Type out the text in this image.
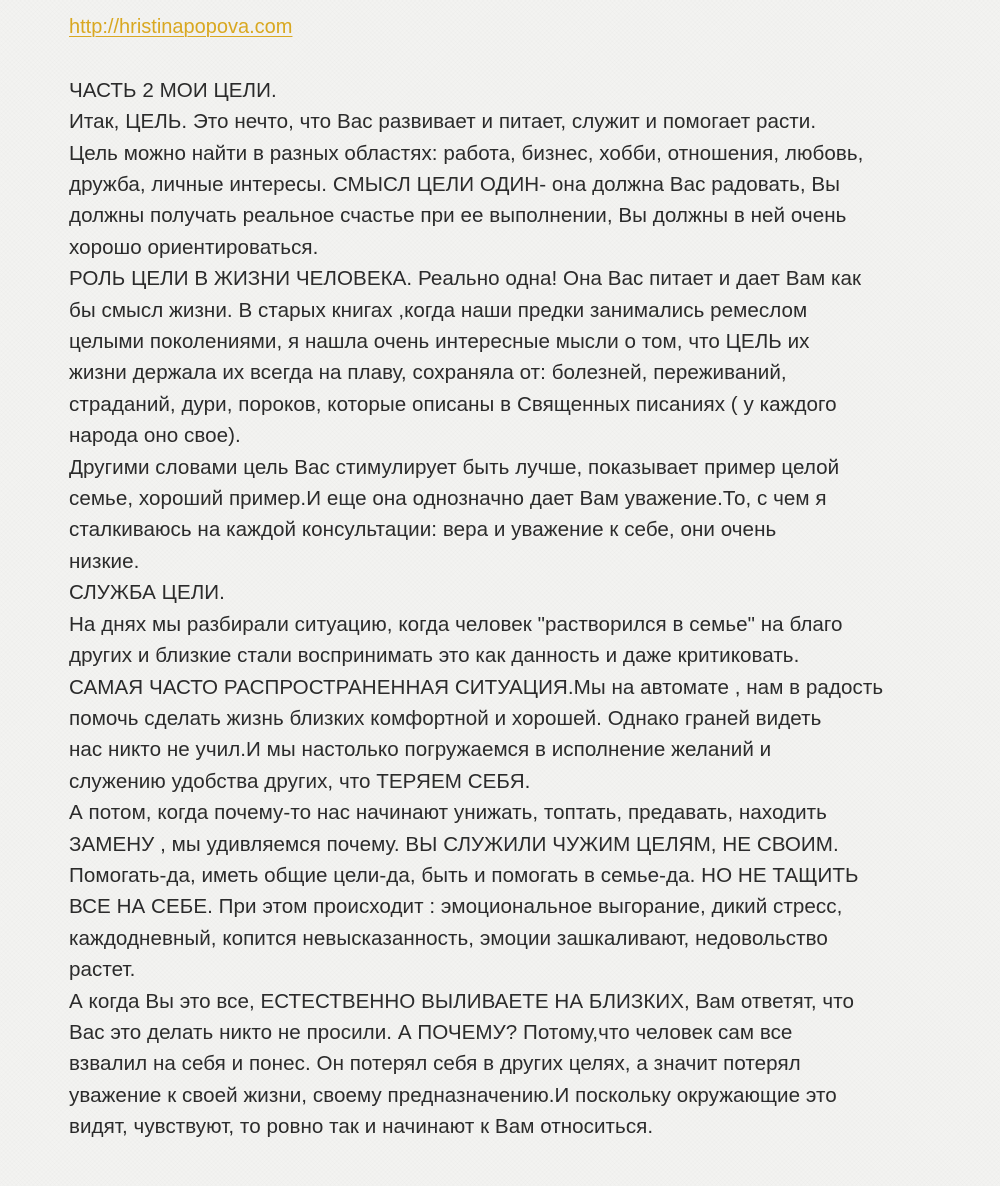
http://hristinapopova.com
ЧАСТЬ 2 МОИ ЦЕЛИ.
Итак, ЦЕЛЬ. Это нечто, что Вас развивает и питает, служит и помогает расти.
Цель можно найти в разных областях: работа, бизнес, хобби, отношения, любовь,
дружба, личные интересы. СМЫСЛ ЦЕЛИ ОДИН- она должна Вас радовать, Вы
должны получать реальное счастье при ее выполнении, Вы должны в ней очень
хорошо ориентироваться.
РОЛЬ ЦЕЛИ В ЖИЗНИ ЧЕЛОВЕКА. Реально одна! Она Вас питает и дает Вам как
бы смысл жизни. В старых книгах ,когда наши предки занимались ремеслом
целыми поколениями, я нашла очень интересные мысли о том, что ЦЕЛЬ их
жизни держала их всегда на плаву, сохраняла от: болезней, переживаний,
страданий, дури, пороков, которые описаны в Священных писаниях ( у каждого
народа оно свое).
Другими словами цель Вас стимулирует быть лучше, показывает пример целой
семье, хороший пример.И еще она однозначно дает Вам уважение.То, с чем я
сталкиваюсь на каждой консультации: вера и уважение к себе, они очень
низкие.
СЛУЖБА ЦЕЛИ.
На днях мы разбирали ситуацию, когда человек "растворился в семье" на благо
других и близкие стали воспринимать это как данность и даже критиковать.
САМАЯ ЧАСТО РАСПРОСТРАНЕННАЯ СИТУАЦИЯ.Мы на автомате , нам в радость
помочь сделать жизнь близких комфортной и хорошей. Однако граней видеть
нас никто не учил.И мы настолько погружаемся в исполнение желаний и
служению удобства других, что ТЕРЯЕМ СЕБЯ.
А потом, когда почему-то нас начинают унижать, топтать, предавать, находить
ЗАМЕНУ , мы удивляемся почему. ВЫ СЛУЖИЛИ ЧУЖИМ ЦЕЛЯМ, НЕ СВОИМ.
Помогать-да, иметь общие цели-да, быть и помогать в семье-да. НО НЕ ТАЩИТЬ
ВСЕ НА СЕБЕ. При этом происходит : эмоциональное выгорание, дикий стресс,
каждодневный, копится невысказанность, эмоции зашкаливают, недовольство
растет.
А когда Вы это все, ЕСТЕСТВЕННО ВЫЛИВАЕТЕ НА БЛИЗКИХ, Вам ответят, что
Вас это делать никто не просили. А ПОЧЕМУ? Потому,что человек сам все
взвалил на себя и понес. Он потерял себя в других целях, а значит потерял
уважение к своей жизни, своему предназначению.И поскольку окружающие это
видят, чувствуют, то ровно так и начинают к Вам относиться.
